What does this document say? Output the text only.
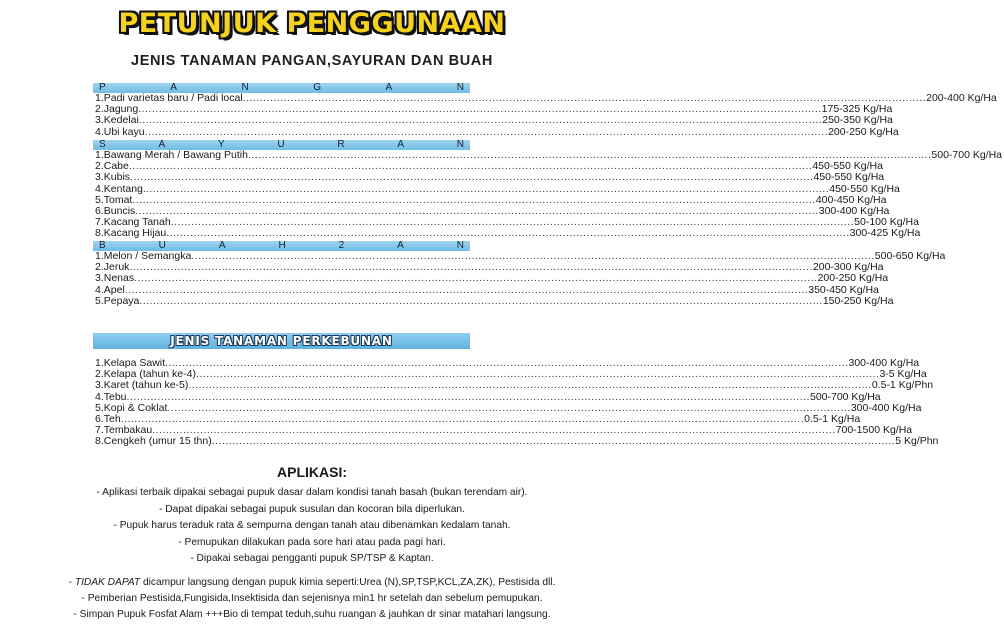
PETUNJUK PENGGUNAAN
JENIS TANAMAN PANGAN,SAYURAN DAN BUAH
P	A	N	G	A	N
1.Padi varietas baru / Padi local ........................................................................................................................................................................................................ 200-400 Kg/Ha
2.Jagung ........................................................................................................................................................................................................ 175-325 Kg/Ha
3.Kedelai ........................................................................................................................................................................................................ 250-350 Kg/Ha
4.Ubi kayu ........................................................................................................................................................................................................ 200-250 Kg/Ha
S	A	Y	U	R	A	N
1.Bawang Merah / Bawang Putih ........................................................................................................................................................................................................ 500-700 Kg/Ha
2.Cabe ........................................................................................................................................................................................................ 450-550 Kg/Ha
3.Kubis ........................................................................................................................................................................................................ 450-550 Kg/Ha
4.Kentang. ........................................................................................................................................................................................................ 450-550 Kg/Ha
5.Tomat ........................................................................................................................................................................................................ 400-450 Kg/Ha
6.Buncis ........................................................................................................................................................................................................ 300-400 Kg/Ha
7.Kacang Tanah ........................................................................................................................................................................................................ 50-100 Kg/Ha
8.Kacang Hijau ........................................................................................................................................................................................................ 300-425 Kg/Ha
B	U	A	H	2	A	N
1.Melon / Semangka ........................................................................................................................................................................................................ 500-650 Kg/Ha
2.Jeruk ........................................................................................................................................................................................................ 200-300 Kg/Ha
3.Nenas ........................................................................................................................................................................................................ 200-250 Kg/Ha
4.Apel ........................................................................................................................................................................................................ 350-450 Kg/Ha
5.Pepaya ........................................................................................................................................................................................................ 150-250 Kg/Ha
JENIS TANAMAN PERKEBUNAN
1.Kelapa Sawit ........................................................................................................................................................................................................ 300-400 Kg/Ha
2.Kelapa (tahun ke-4) ........................................................................................................................................................................................................ 3-5 Kg/Ha
3.Karet (tahun ke-5) ........................................................................................................................................................................................................ 0.5-1 Kg/Phn
4.Tebu ........................................................................................................................................................................................................ 500-700 Kg/Ha
5.Kopi & Coklat ........................................................................................................................................................................................................ 300-400 Kg/Ha
6.Teh ........................................................................................................................................................................................................ 0.5-1 Kg/Ha
7.Tembakau ........................................................................................................................................................................................................ 700-1500 Kg/Ha
8.Cengkeh (umur 15 thn) ........................................................................................................................................................................................................ 5 Kg/Phn
APLIKASI:
- Aplikasi terbaik dipakai sebagai pupuk dasar dalam kondisi tanah basah (bukan terendam air).
- Dapat dipakai sebagai pupuk susulan dan kocoran bila diperlukan.
- Pupuk harus teraduk rata & sempurna dengan tanah atau dibenamkan kedalam tanah.
- Pemupukan dilakukan pada sore hari atau pada pagi hari.
- Dipakai sebagai pengganti pupuk SP/TSP & Kaptan.
- TIDAK DAPAT dicampur langsung dengan pupuk kimia seperti:Urea (N),SP,TSP,KCL,ZA,ZK), Pestisida dll.
- Pemberian Pestisida,Fungisida,Insektisida dan sejenisnya min1 hr setelah dan sebelum pemupukan.
- Simpan Pupuk Fosfat Alam +++Bio di tempat teduh,suhu ruangan & jauhkan dr sinar matahari langsung.
